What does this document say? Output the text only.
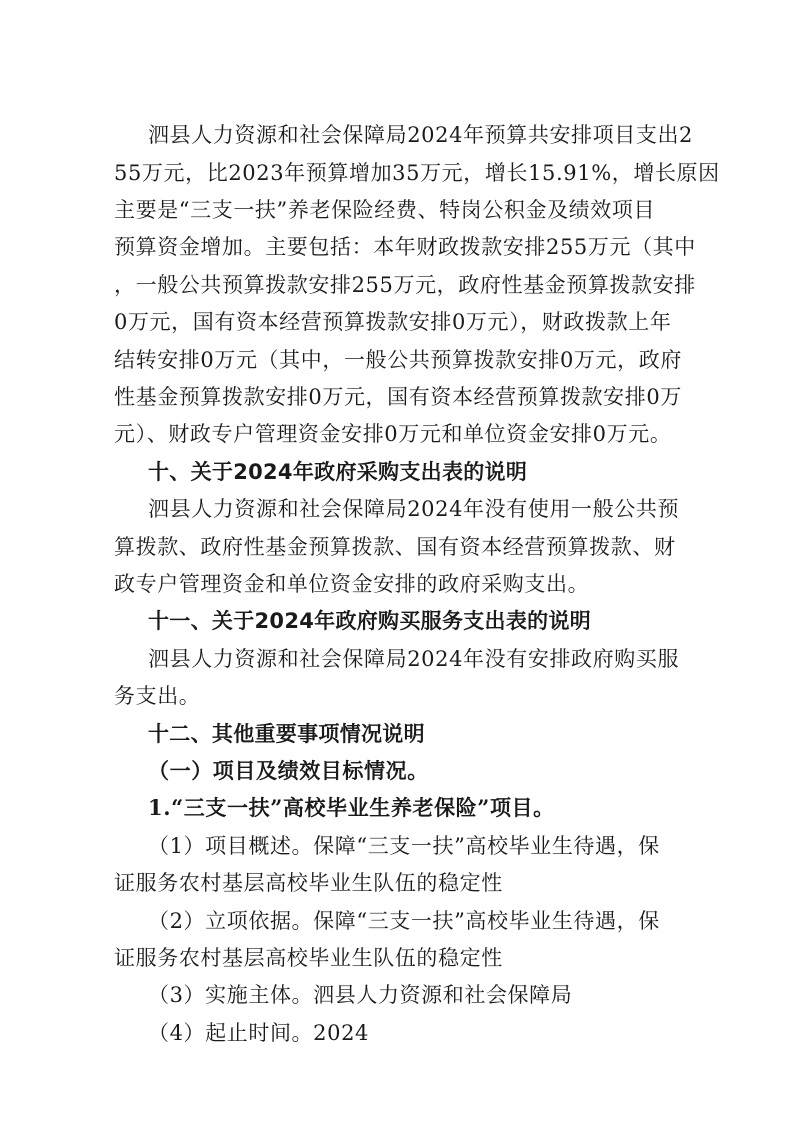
泗县人力资源和社会保障局2024年预算共安排项目支出2
55万元，比2023年预算增加35万元，增长15.91%，增长原因
主要是“三支一扶”养老保险经费、特岗公积金及绩效项目
预算资金增加。主要包括：本年财政拨款安排255万元（其中
，一般公共预算拨款安排255万元，政府性基金预算拨款安排
0万元，国有资本经营预算拨款安排0万元），财政拨款上年
结转安排0万元（其中，一般公共预算拨款安排0万元，政府
性基金预算拨款安排0万元，国有资本经营预算拨款安排0万
元）、财政专户管理资金安排0万元和单位资金安排0万元。
十、关于2024年政府采购支出表的说明
泗县人力资源和社会保障局2024年没有使用一般公共预
算拨款、政府性基金预算拨款、国有资本经营预算拨款、财
政专户管理资金和单位资金安排的政府采购支出。
十一、关于2024年政府购买服务支出表的说明
泗县人力资源和社会保障局2024年没有安排政府购买服
务支出。
十二、其他重要事项情况说明
（一）项目及绩效目标情况。
1.“三支一扶”高校毕业生养老保险”项目。
（1）项目概述。保障“三支一扶”高校毕业生待遇，保
证服务农村基层高校毕业生队伍的稳定性
（2）立项依据。保障“三支一扶”高校毕业生待遇，保
证服务农村基层高校毕业生队伍的稳定性
（3）实施主体。泗县人力资源和社会保障局
（4）起止时间。2024
